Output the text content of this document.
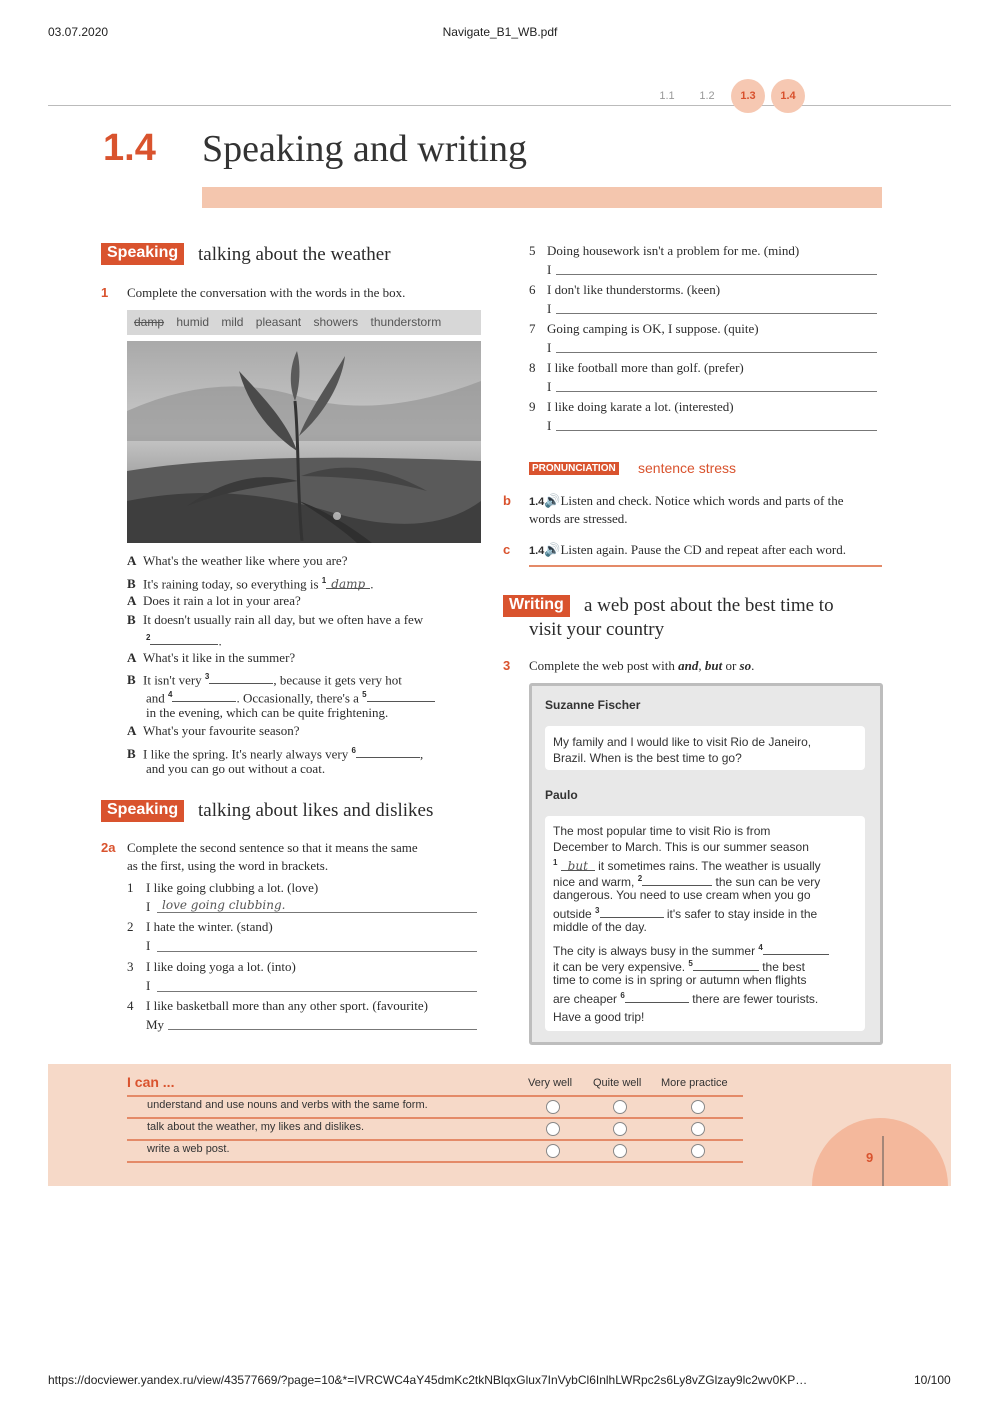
03.07.2020	Navigate_B1_WB.pdf
https://docviewer.yandex.ru/view/43577669/?page=10&*=IVRCWC4aY45dmKc2tkNBlqxGlux7InVybCl6InlhLWRpc2s6Ly8vZGlzay9lc2wv0KP…	10/100
1.1	1.2	1.3	1.4
1.4 Speaking and writing
Speaking	talking about the weather
1 Complete the conversation with the words in the box.
damp humid mild pleasant showers thunderstorm
A What's the weather like where you are?
B It's raining today, so everything is $^1$ damp .
A Does it rain a lot in your area?
B It doesn't usually rain all day, but we often have a few
$^2$	.
A What's it like in the summer?
B It isn't very $^3$	, because it gets very hot
and $^4$	. Occasionally, there's a $^5$
in the evening, which can be quite frightening.
A What's your favourite season?
B I like the spring. It's nearly always very $^6$	,
and you can go out without a coat.
Speaking	talking about likes and dislikes
2a Complete the second sentence so that it means the same
as the first, using the word in brackets.
1 I like going clubbing a lot. (love)
I love going clubbing.
2 I hate the winter. (stand)
I
3 I like doing yoga a lot. (into)
I
4 I like basketball more than any other sport. (favourite)
My
5 Doing housework isn't a problem for me. (mind)
I
6 I don't like thunderstorms. (keen)
I
7 Going camping is OK, I suppose. (quite)
I
8 I like football more than golf. (prefer)
I
9 I like doing karate a lot. (interested)
I
PRONUNCIATION sentence stress
b 1.4🔊Listen and check. Notice which words and parts of the
words are stressed.
c 1.4🔊Listen again. Pause the CD and repeat after each word.
Writing	a web post about the best time to
visit your country
3 Complete the web post with and, but or so.
Suzanne Fischer
My family and I would like to visit Rio de Janeiro,
Brazil. When is the best time to go?
Paulo
The most popular time to visit Rio is from
December to March. This is our summer season
$^1$ but it sometimes rains. The weather is usually
nice and warm, $^2$	the sun can be very
dangerous. You need to use cream when you go
outside $^3$	it's safer to stay inside in the
middle of the day.
The city is always busy in the summer $^4$
it can be very expensive. $^5$	the best
time to come is in spring or autumn when flights
are cheaper $^6$	there are fewer tourists.
Have a good trip!
9
I can ...	Very well Quite well More practice
understand and use nouns and verbs with the same form.
talk about the weather, my likes and dislikes.
write a web post.
